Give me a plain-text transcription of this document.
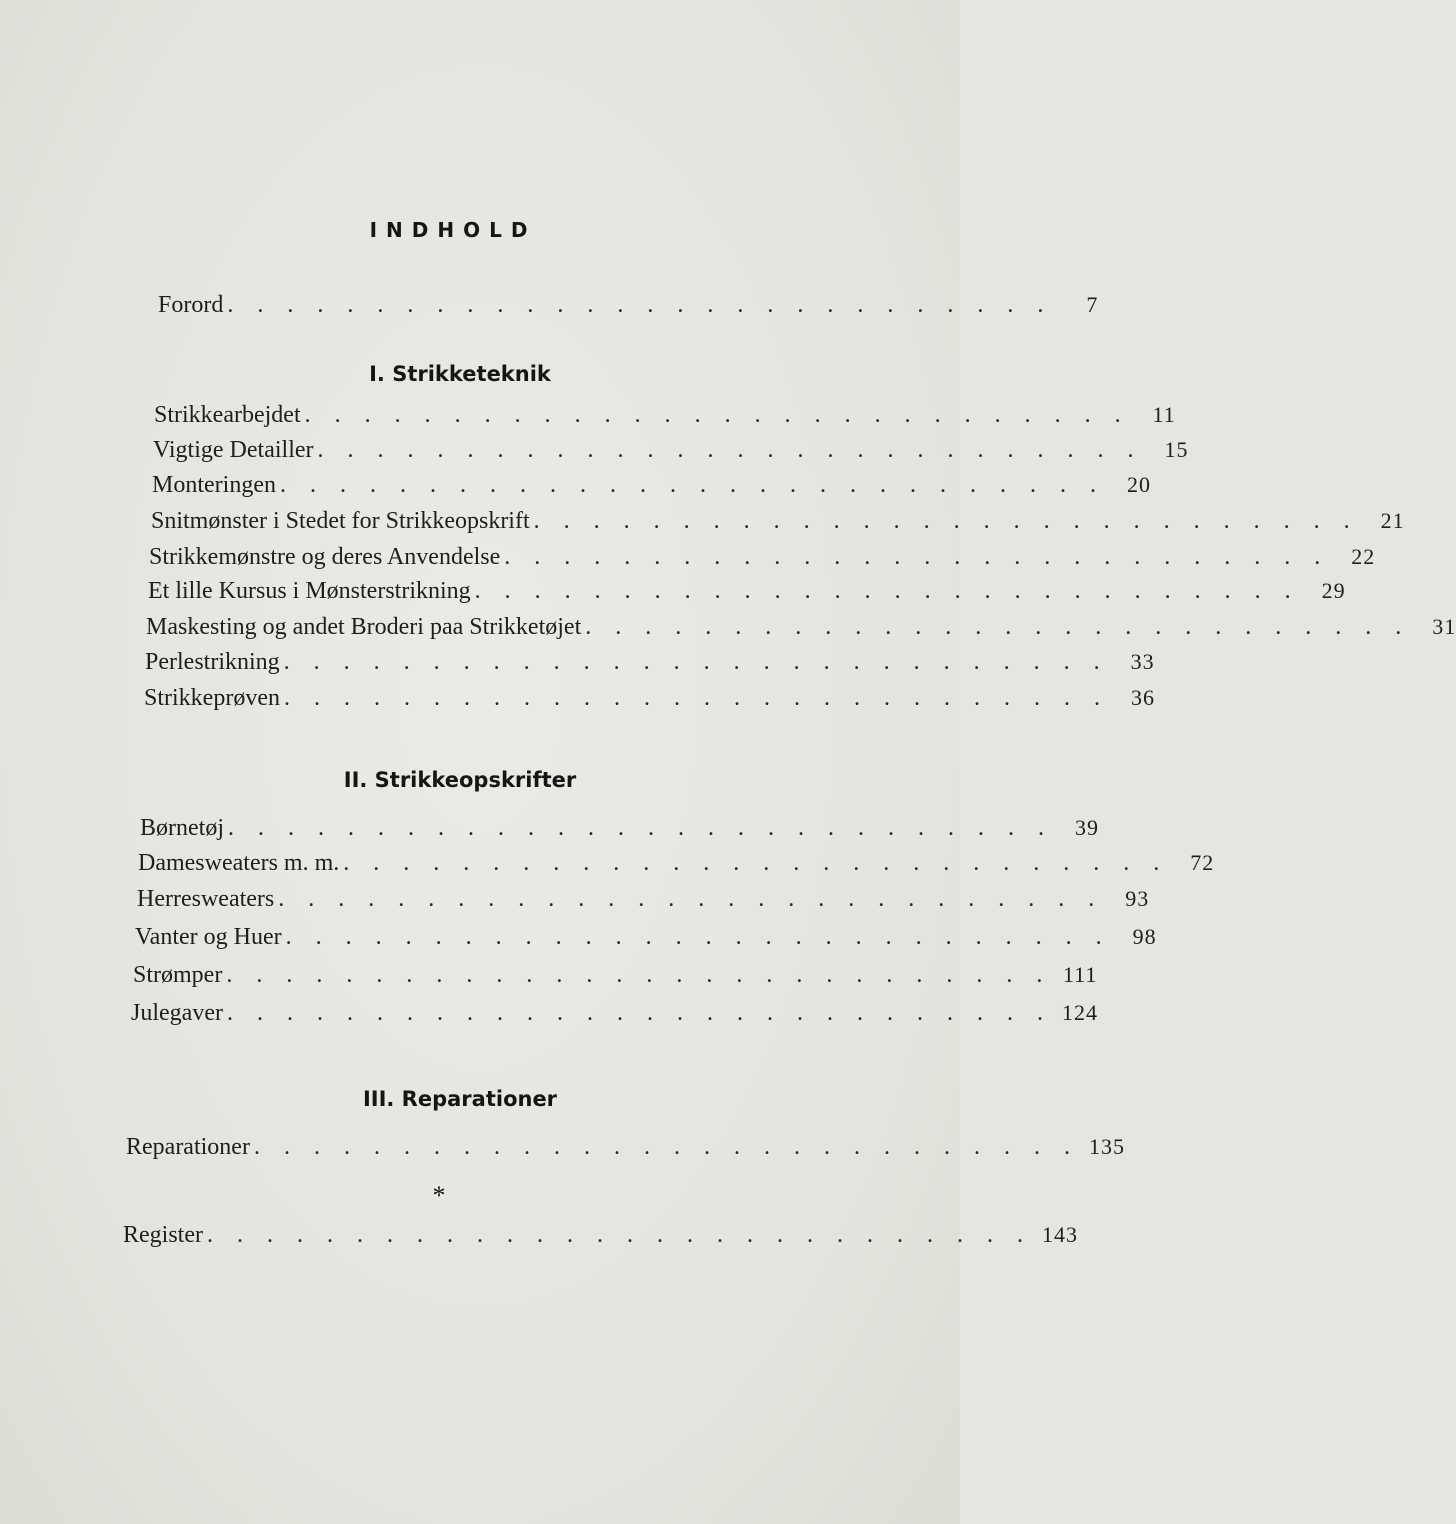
INDHOLD
Forord . . . . . . . . . . . . . . . . . . . . . . . . . . . .	7
I. Strikketeknik
Strikkearbejdet . . . . . . . . . . . . . . . . . . . . . . . . . . . .	11
Vigtige Detailler . . . . . . . . . . . . . . . . . . . . . . . . . . . .	15
Monteringen . . . . . . . . . . . . . . . . . . . . . . . . . . . .	20
Snitmønster i Stedet for Strikkeopskrift . . . . . . . . . . . . . . . . . . . . . . . . . . . .	21
Strikkemønstre og deres Anvendelse . . . . . . . . . . . . . . . . . . . . . . . . . . . .	22
Et lille Kursus i Mønsterstrikning . . . . . . . . . . . . . . . . . . . . . . . . . . . .	29
Maskesting og andet Broderi paa Strikketøjet . . . . . . . . . . . . . . . . . . . . . . . . . . . .	31
Perlestrikning . . . . . . . . . . . . . . . . . . . . . . . . . . . .	33
Strikkeprøven . . . . . . . . . . . . . . . . . . . . . . . . . . . .	36
II. Strikkeopskrifter
Børnetøj . . . . . . . . . . . . . . . . . . . . . . . . . . . .	39
Damesweaters m. m. . . . . . . . . . . . . . . . . . . . . . . . . . . . .	72
Herresweaters . . . . . . . . . . . . . . . . . . . . . . . . . . . .	93
Vanter og Huer . . . . . . . . . . . . . . . . . . . . . . . . . . . .	98
Strømper . . . . . . . . . . . . . . . . . . . . . . . . . . . . 111
Julegaver . . . . . . . . . . . . . . . . . . . . . . . . . . . . 124
III. Reparationer
Reparationer . . . . . . . . . . . . . . . . . . . . . . . . . . . . 135
*
Register . . . . . . . . . . . . . . . . . . . . . . . . . . . . 143
